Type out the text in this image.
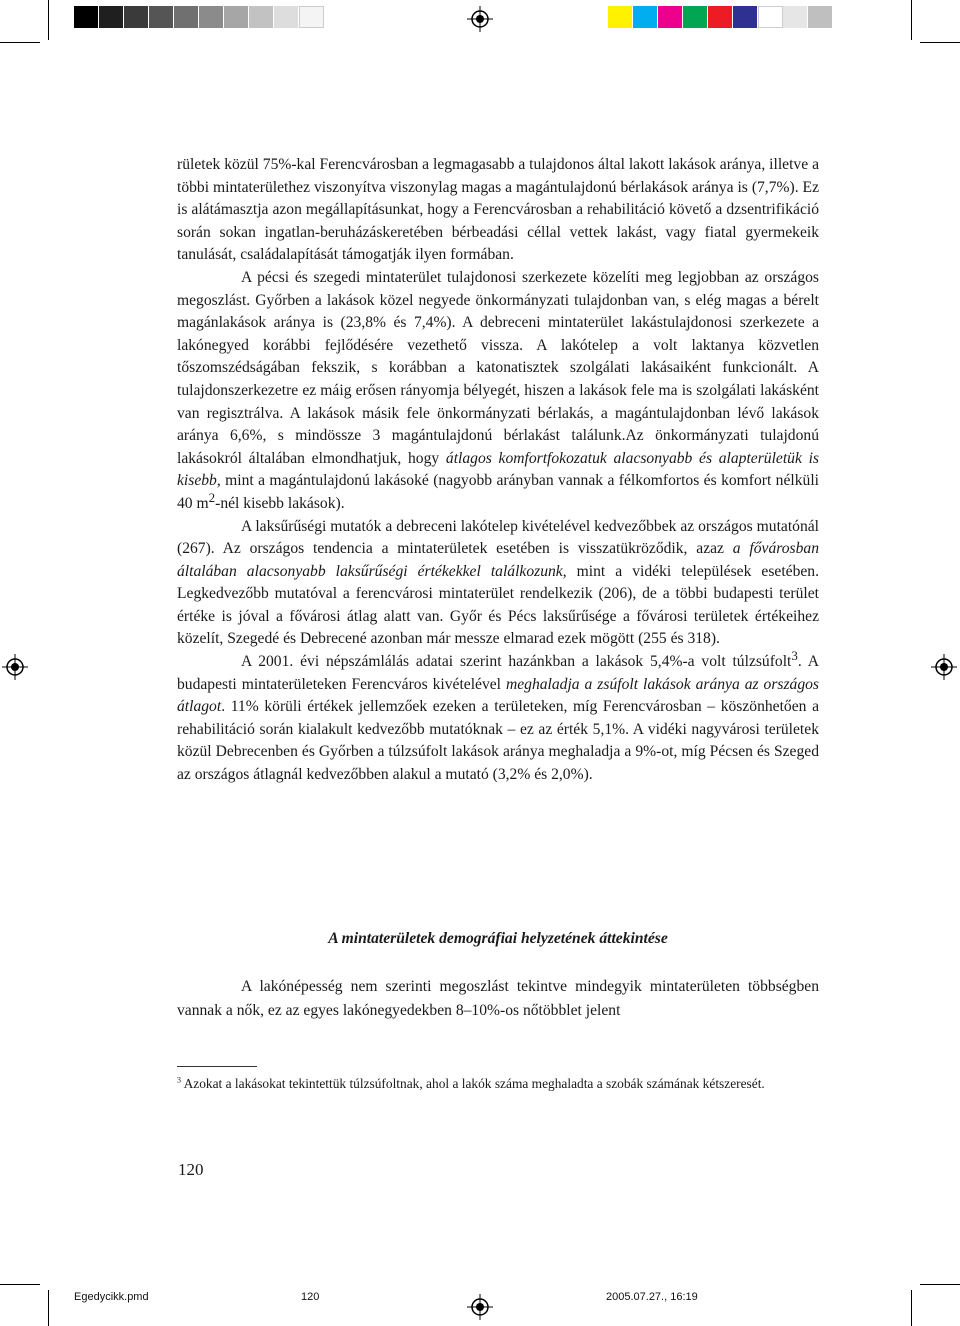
rületek közül 75%-kal Ferencvárosban a legmagasabb a tulajdonos által lakott lakások aránya, illetve a többi mintaterülethez viszonyítva viszonylag magas a magántulajdonú bérlakások aránya is (7,7%). Ez is alátámasztja azon megállapításunkat, hogy a Ferencvárosban a rehabilitáció követő a dzsentrifikáció során sokan ingatlan-beruházáskeretében bérbeadási céllal vettek lakást, vagy fiatal gyermekeik tanulását, családalapítását támogatják ilyen formában.

A pécsi és szegedi mintaterület tulajdonosi szerkezete közelíti meg legjobban az országos megoszlást. Győrben a lakások közel negyede önkormányzati tulajdonban van, s elég magas a bérelt magánlakások aránya is (23,8% és 7,4%). A debreceni mintaterület lakástulajdonosi szerkezete a lakónegyed korábbi fejlődésére vezethető vissza. A lakótelep a volt laktanya közvetlen tőszomszédságában fekszik, s korábban a katonatisztek szolgálati lakásaiként funkcionált. A tulajdonszerkezetre ez máig erősen rányomja bélyegét, hiszen a lakások fele ma is szolgálati lakásként van regisztrálva. A lakások másik fele önkormányzati bérlakás, a magántulajdonban lévő lakások aránya 6,6%, s mindössze 3 magántulajdonú bérlakást találunk.Az önkormányzati tulajdonú lakásokról általában elmondhatjuk, hogy átlagos komfortfokozatuk alacsonyabb és alapterületük is kisebb, mint a magántulajdonú lakásoké (nagyobb arányban vannak a félkomfortos és komfort nélküli 40 $m^2$-nél kisebb lakások).

A laksűrűségi mutatók a debreceni lakótelep kivételével kedvezőbbek az országos mutatónál (267). Az országos tendencia a mintaterületek esetében is visszatükröződik, azaz a fővárosban általában alacsonyabb laksűrűségi értékekkel találkozunk, mint a vidéki települések esetében. Legkedvezőbb mutatóval a ferencvárosi mintaterület rendelkezik (206), de a többi budapesti terület értéke is jóval a fővárosi átlag alatt van. Győr és Pécs laksűrűsége a fővárosi területek értékeihez közelít, Szegedé és Debrecené azonban már messze elmarad ezek mögött (255 és 318).

A 2001. évi népszámlálás adatai szerint hazánkban a lakások 5,4%-a volt túlzsúfolt$^3$. A budapesti mintaterületeken Ferencváros kivételével meghaladja a zsúfolt lakások aránya az országos átlagot. 11% körüli értékek jellemzőek ezeken a területeken, míg Ferencvárosban – köszönhetően a rehabilitáció során kialakult kedvezőbb mutatóknak – ez az érték 5,1%. A vidéki nagyvárosi területek közül Debrecenben és Győrben a túlzsúfolt lakások aránya meghaladja a 9%-ot, míg Pécsen és Szeged az országos átlagnál kedvezőbben alakul a mutató (3,2% és 2,0%).

A mintaterületek demográfiai helyzetének áttekintése

A lakónépesség nem szerinti megoszlást tekintve mindegyik mintaterületen többségben vannak a nők, ez az egyes lakónegyedekben 8–10%-os nőtöbblet jelent

$^3$ Azokat a lakásokat tekintettük túlzsúfoltnak, ahol a lakók száma meghaladta a szobák számának kétszeresét.
120
Egedycikk.pmd	120	2005.07.27., 16:19
